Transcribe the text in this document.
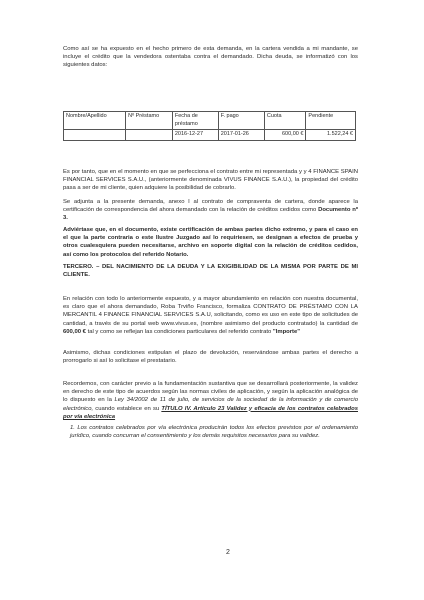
Como así se ha expuesto en el hecho primero de esta demanda, en la cartera vendida a mi mandante, se incluye el crédito que la vendedora ostentaba contra el demandado. Dicha deuda, se informatizó con los siguientes datos:

Nombre/Apellido	Nº Préstamo	Fecha de préstamo	F. pago	Cuota	Pendiente
		2016-12-27	2017-01-26	600,00 €	1.522,24 €

Es por tanto, que en el momento en que se perfecciona el contrato entre mi representada y y 4 FINANCE SPAIN FINANCIAL SERVICES S.A.U., (anteriormente denominada VIVUS FINANCE S.A.U.), la propiedad del crédito pasa a ser de mi cliente, quien adquiere la posibilidad de cobrarlo.

Se adjunta a la presente demanda, anexo I al contrato de compraventa de cartera, donde aparece la certificación de correspondencia del ahora demandado con la relación de créditos cedidos como Documento nº 3.

Adviértase que, en el documento, existe certificación de ambas partes dicho extremo, y para el caso en el que la parte contraria o este Ilustre Juzgado así lo requiriesen, se designan a efectos de prueba y otros cualesquiera pueden necesitarse, archivo en soporte digital con la relación de créditos cedidos, así como los protocolos del referido Notario.

TERCERO. – DEL NACIMIENTO DE LA DEUDA Y LA EXIGIBILIDAD DE LA MISMA POR PARTE DE MI CLIENTE.

En relación con todo lo anteriormente expuesto, y a mayor abundamiento en relación con nuestra documental, es claro que el ahora demandado, Roba Trviño Francisco, formaliza CONTRATO DE PRÉSTAMO CON LA MERCANTIL 4 FINANCE FINANCIAL SERVICES S.A.U, solicitando, como es uso en este tipo de solicitudes de cantidad, a través de su portal web www.vivus.es, (nombre asimismo del producto contratado) la cantidad de 600,00 € tal y como se reflejan las condiciones particulares del referido contrato "Importe"

Asimismo, dichas condiciones estipulan el plazo de devolución, reservándose ambas partes el derecho a prorrogarlo si así lo solicitase el prestatario.

Recordemos, con carácter previo a la fundamentación sustantiva que se desarrollará posteriormente, la validez en derecho de este tipo de acuerdos según las normas civiles de aplicación, y según la aplicación analógica de lo dispuesto en la Ley 34/2002 de 11 de julio, de servicios de la sociedad de la información y de comercio electrónico, cuando establece en su TÍTULO IV. Artículo 23 Validez y eficacia de los contratos celebrados por vía electrónica

1. Los contratos celebrados por vía electrónica producirán todos los efectos previstos por el ordenamiento jurídico, cuando concurran el consentimiento y los demás requisitos necesarios para su validez.

2
